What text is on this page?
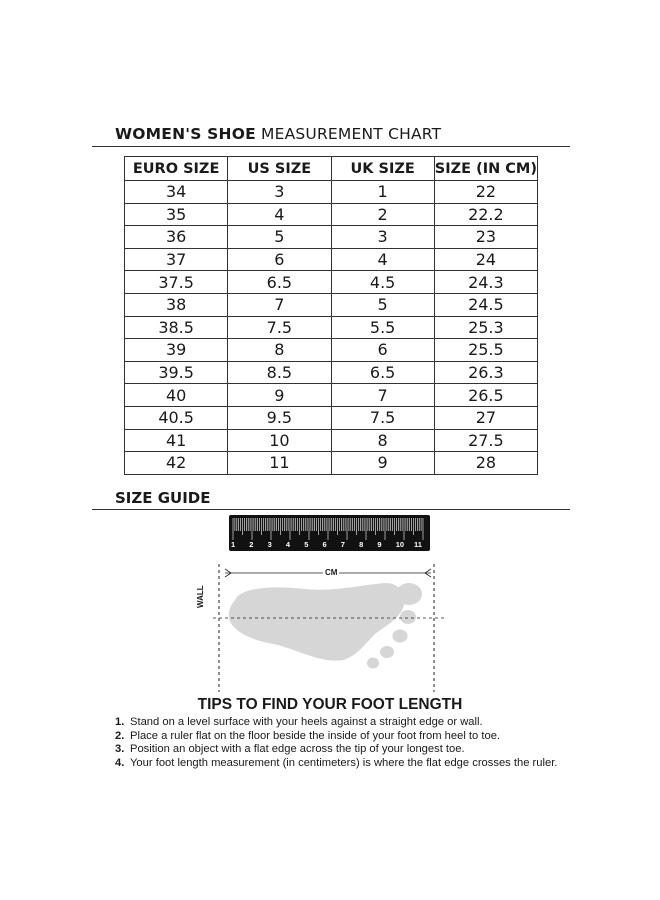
WOMEN'S SHOE MEASUREMENT CHART
EURO SIZE	US SIZE	UK SIZE	SIZE (IN CM)
34	3	1	22
35	4	2	22.2
36	5	3	23
37	6	4	24
37.5	6.5	4.5	24.3
38	7	5	24.5
38.5	7.5	5.5	25.3
39	8	6	25.5
39.5	8.5	6.5	26.3
40	9	7	26.5
40.5	9.5	7.5	27
41	10	8	27.5
42	11	9	28
SIZE GUIDE
1 2 3 4 5 6 7 8 9 10 11
CM
WALL
TIPS TO FIND YOUR FOOT LENGTH
1. Stand on a level surface with your heels against a straight edge or wall.
2. Place a ruler flat on the floor beside the inside of your foot from heel to toe.
3. Position an object with a flat edge across the tip of your longest toe.
4. Your foot length measurement (in centimeters) is where the flat edge crosses the ruler.
